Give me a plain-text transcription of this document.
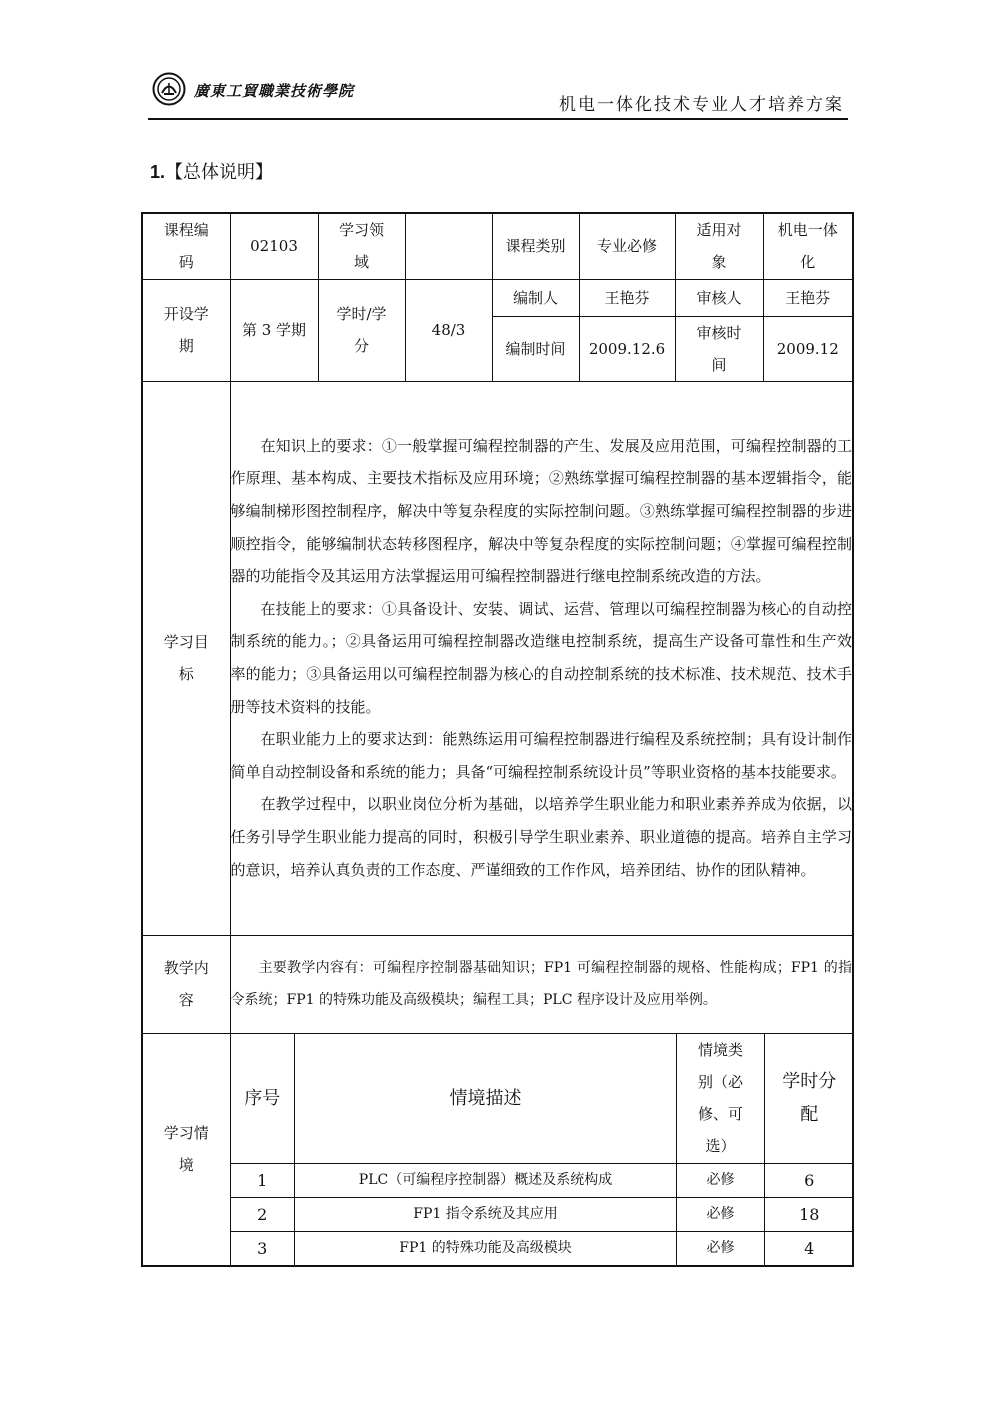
廣東工貿職業技術學院
机电一体化技术专业人才培养方案
1.【总体说明】
课程编码	02103	学习领域		课程类别	专业必修	适用对象	机电一体化
开设学期	第 3 学期	学时/学分	48/3	编制人	王艳芬	审核人	王艳芬
编制时间	2009.12.6	审核时间	2009.12
学习目标	

在知识上的要求：①一般掌握可编程控制器的产生、发展及应用范围，可编程控制器的工作原理、基本构成、主要技术指标及应用环境；②熟练掌握可编程控制器的基本逻辑指令，能够编制梯形图控制程序，解决中等复杂程度的实际控制问题。③熟练掌握可编程控制器的步进顺控指令，能够编制状态转移图程序，解决中等复杂程度的实际控制问题；④掌握可编程控制器的功能指令及其运用方法掌握运用可编程控制器进行继电控制系统改造的方法。

在技能上的要求：①具备设计、安装、调试、运营、管理以可编程控制器为核心的自动控制系统的能力。；②具备运用可编程控制器改造继电控制系统，提高生产设备可靠性和生产效率的能力；③具备运用以可编程控制器为核心的自动控制系统的技术标准、技术规范、技术手册等技术资料的技能。

在职业能力上的要求达到：能熟练运用可编程控制器进行编程及系统控制；具有设计制作简单自动控制设备和系统的能力；具备“可编程控制系统设计员”等职业资格的基本技能要求。

在教学过程中，以职业岗位分析为基础，以培养学生职业能力和职业素养养成为依据，以任务引导学生职业能力提高的同时，积极引导学生职业素养、职业道德的提高。培养自主学习的意识，培养认真负责的工作态度、严谨细致的工作作风，培养团结、协作的团队精神。

教学内容	

主要教学内容有：可编程序控制器基础知识；FP1 可编程控制器的规格、性能构成；FP1 的指令系统；FP1 的特殊功能及高级模块；编程工具；PLC 程序设计及应用举例。

学习情境	
序号	情境描述	情境类别（必修、可选）	学时分配
1	PLC（可编程序控制器）概述及系统构成	必修	6
2	FP1 指令系统及其应用	必修	18
3	FP1 的特殊功能及高级模块	必修	4
